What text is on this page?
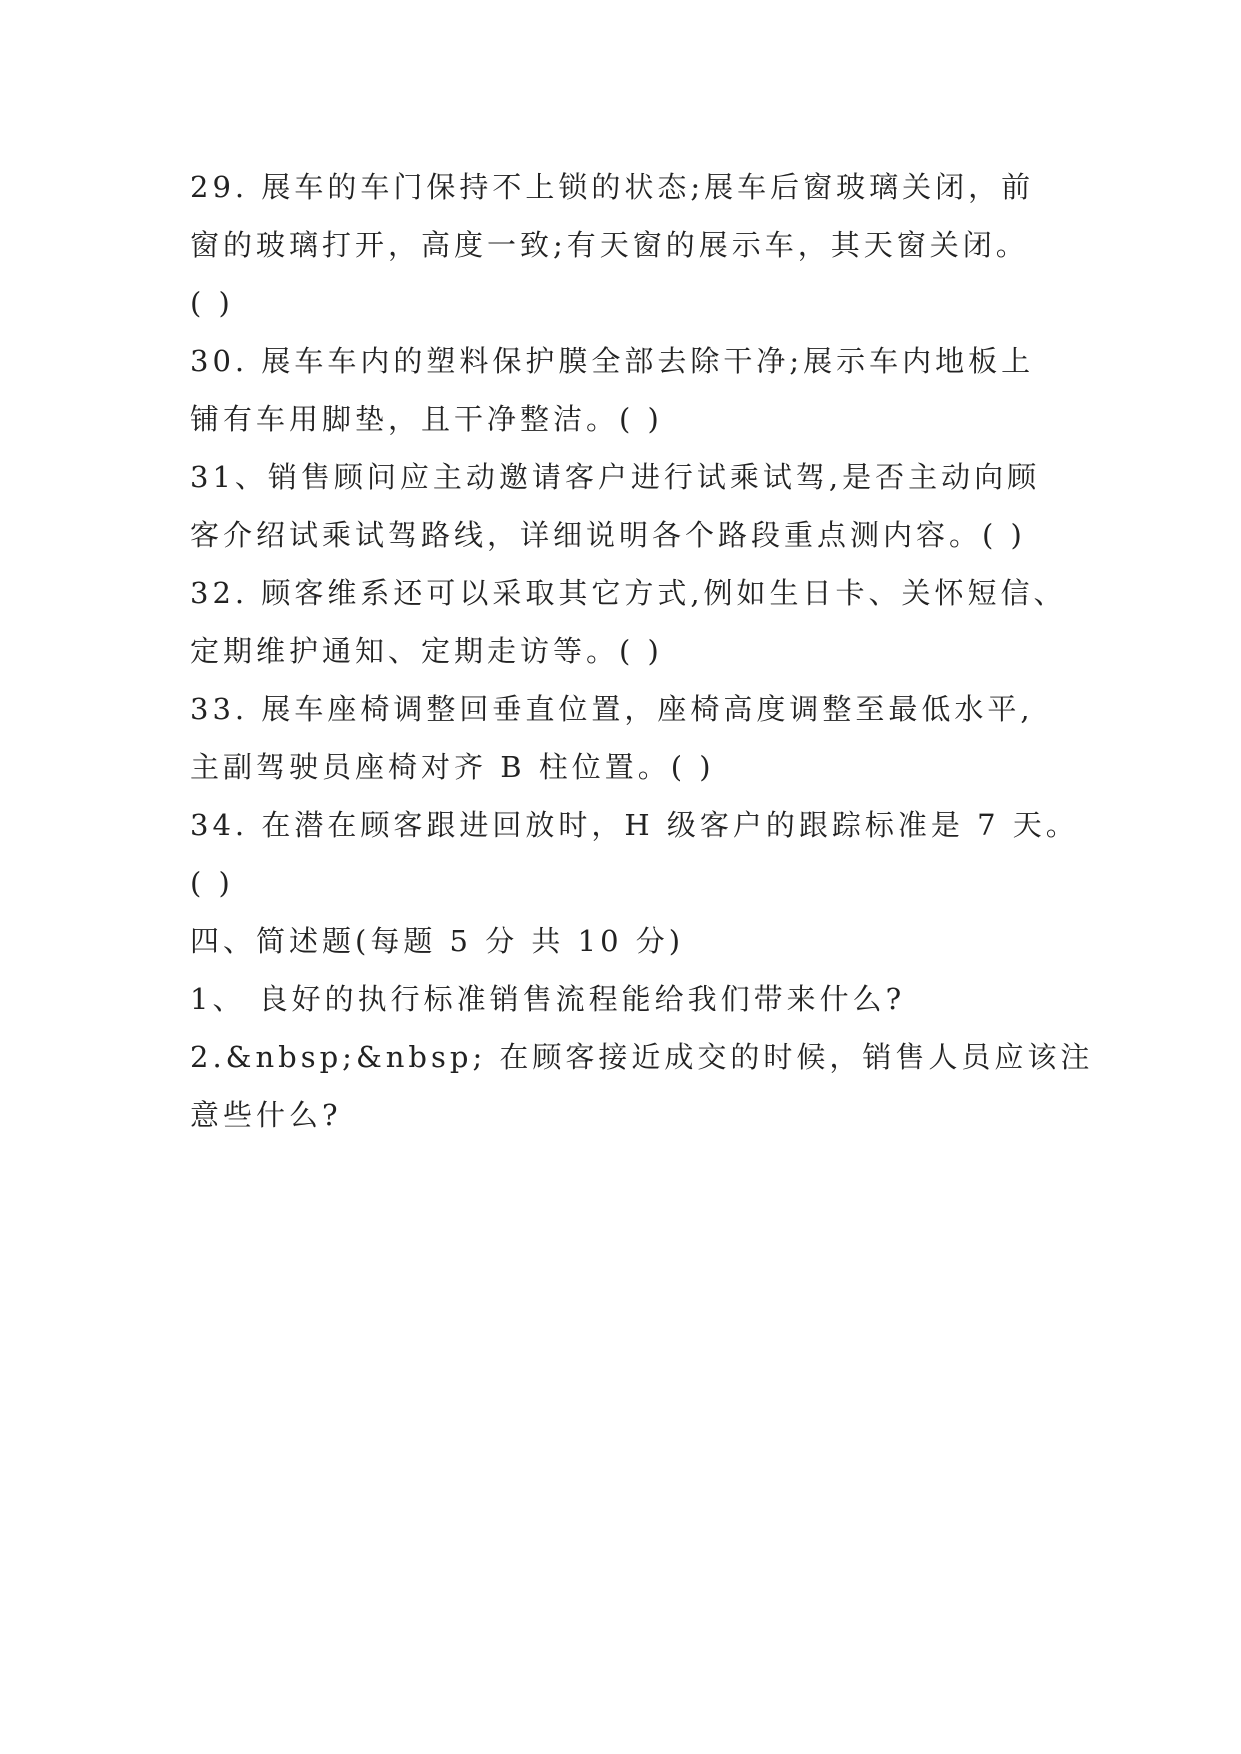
29. 展车的车门保持不上锁的状态;展车后窗玻璃关闭，前
窗的玻璃打开，高度一致;有天窗的展示车，其天窗关闭。
( )
30. 展车车内的塑料保护膜全部去除干净;展示车内地板上
铺有车用脚垫，且干净整洁。( )
31、销售顾问应主动邀请客户进行试乘试驾,是否主动向顾
客介绍试乘试驾路线，详细说明各个路段重点测内容。( )
32. 顾客维系还可以采取其它方式,例如生日卡、关怀短信、
定期维护通知、定期走访等。( )
33. 展车座椅调整回垂直位置，座椅高度调整至最低水平,
主副驾驶员座椅对齐 B 柱位置。( )
34. 在潜在顾客跟进回放时，H 级客户的跟踪标准是 7 天。
( )
四、简述题(每题 5 分 共 10 分)
1、 良好的执行标准销售流程能给我们带来什么?
2.&nbsp;&nbsp; 在顾客接近成交的时候，销售人员应该注
意些什么?
